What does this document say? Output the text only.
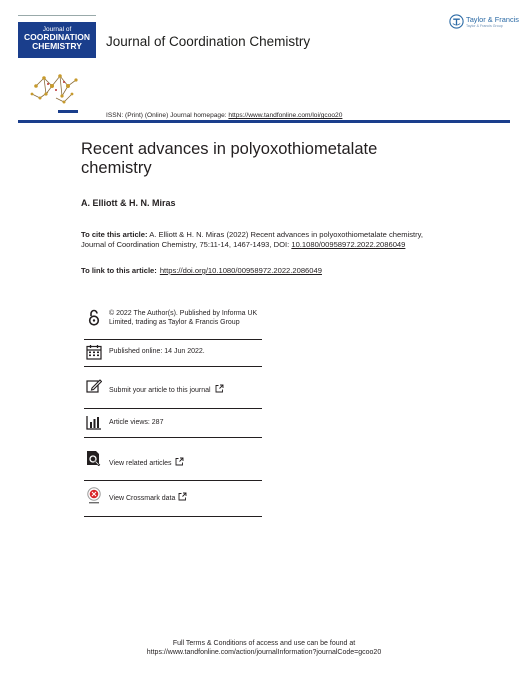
Journal of
COORDINATION
CHEMISTRY	Journal of Coordination Chemistry
Taylor & Francis
Taylor & Francis Group
ISSN: (Print) (Online) Journal homepage: https://www.tandfonline.com/loi/gcoo20
Recent advances in polyoxothiometalate chemistry
A. Elliott & H. N. Miras
To cite this article: A. Elliott & H. N. Miras (2022) Recent advances in polyoxothiometalate chemistry, Journal of Coordination Chemistry, 75:11-14, 1467-1493, DOI: 10.1080/00958972.2022.2086049
To link to this article: https://doi.org/10.1080/00958972.2022.2086049
© 2022 The Author(s). Published by Informa UK Limited, trading as Taylor & Francis Group
Published online: 14 Jun 2022.
Submit your article to this journal
Article views: 287
View related articles
View Crossmark data
Full Terms & Conditions of access and use can be found at
https://www.tandfonline.com/action/journalInformation?journalCode=gcoo20
